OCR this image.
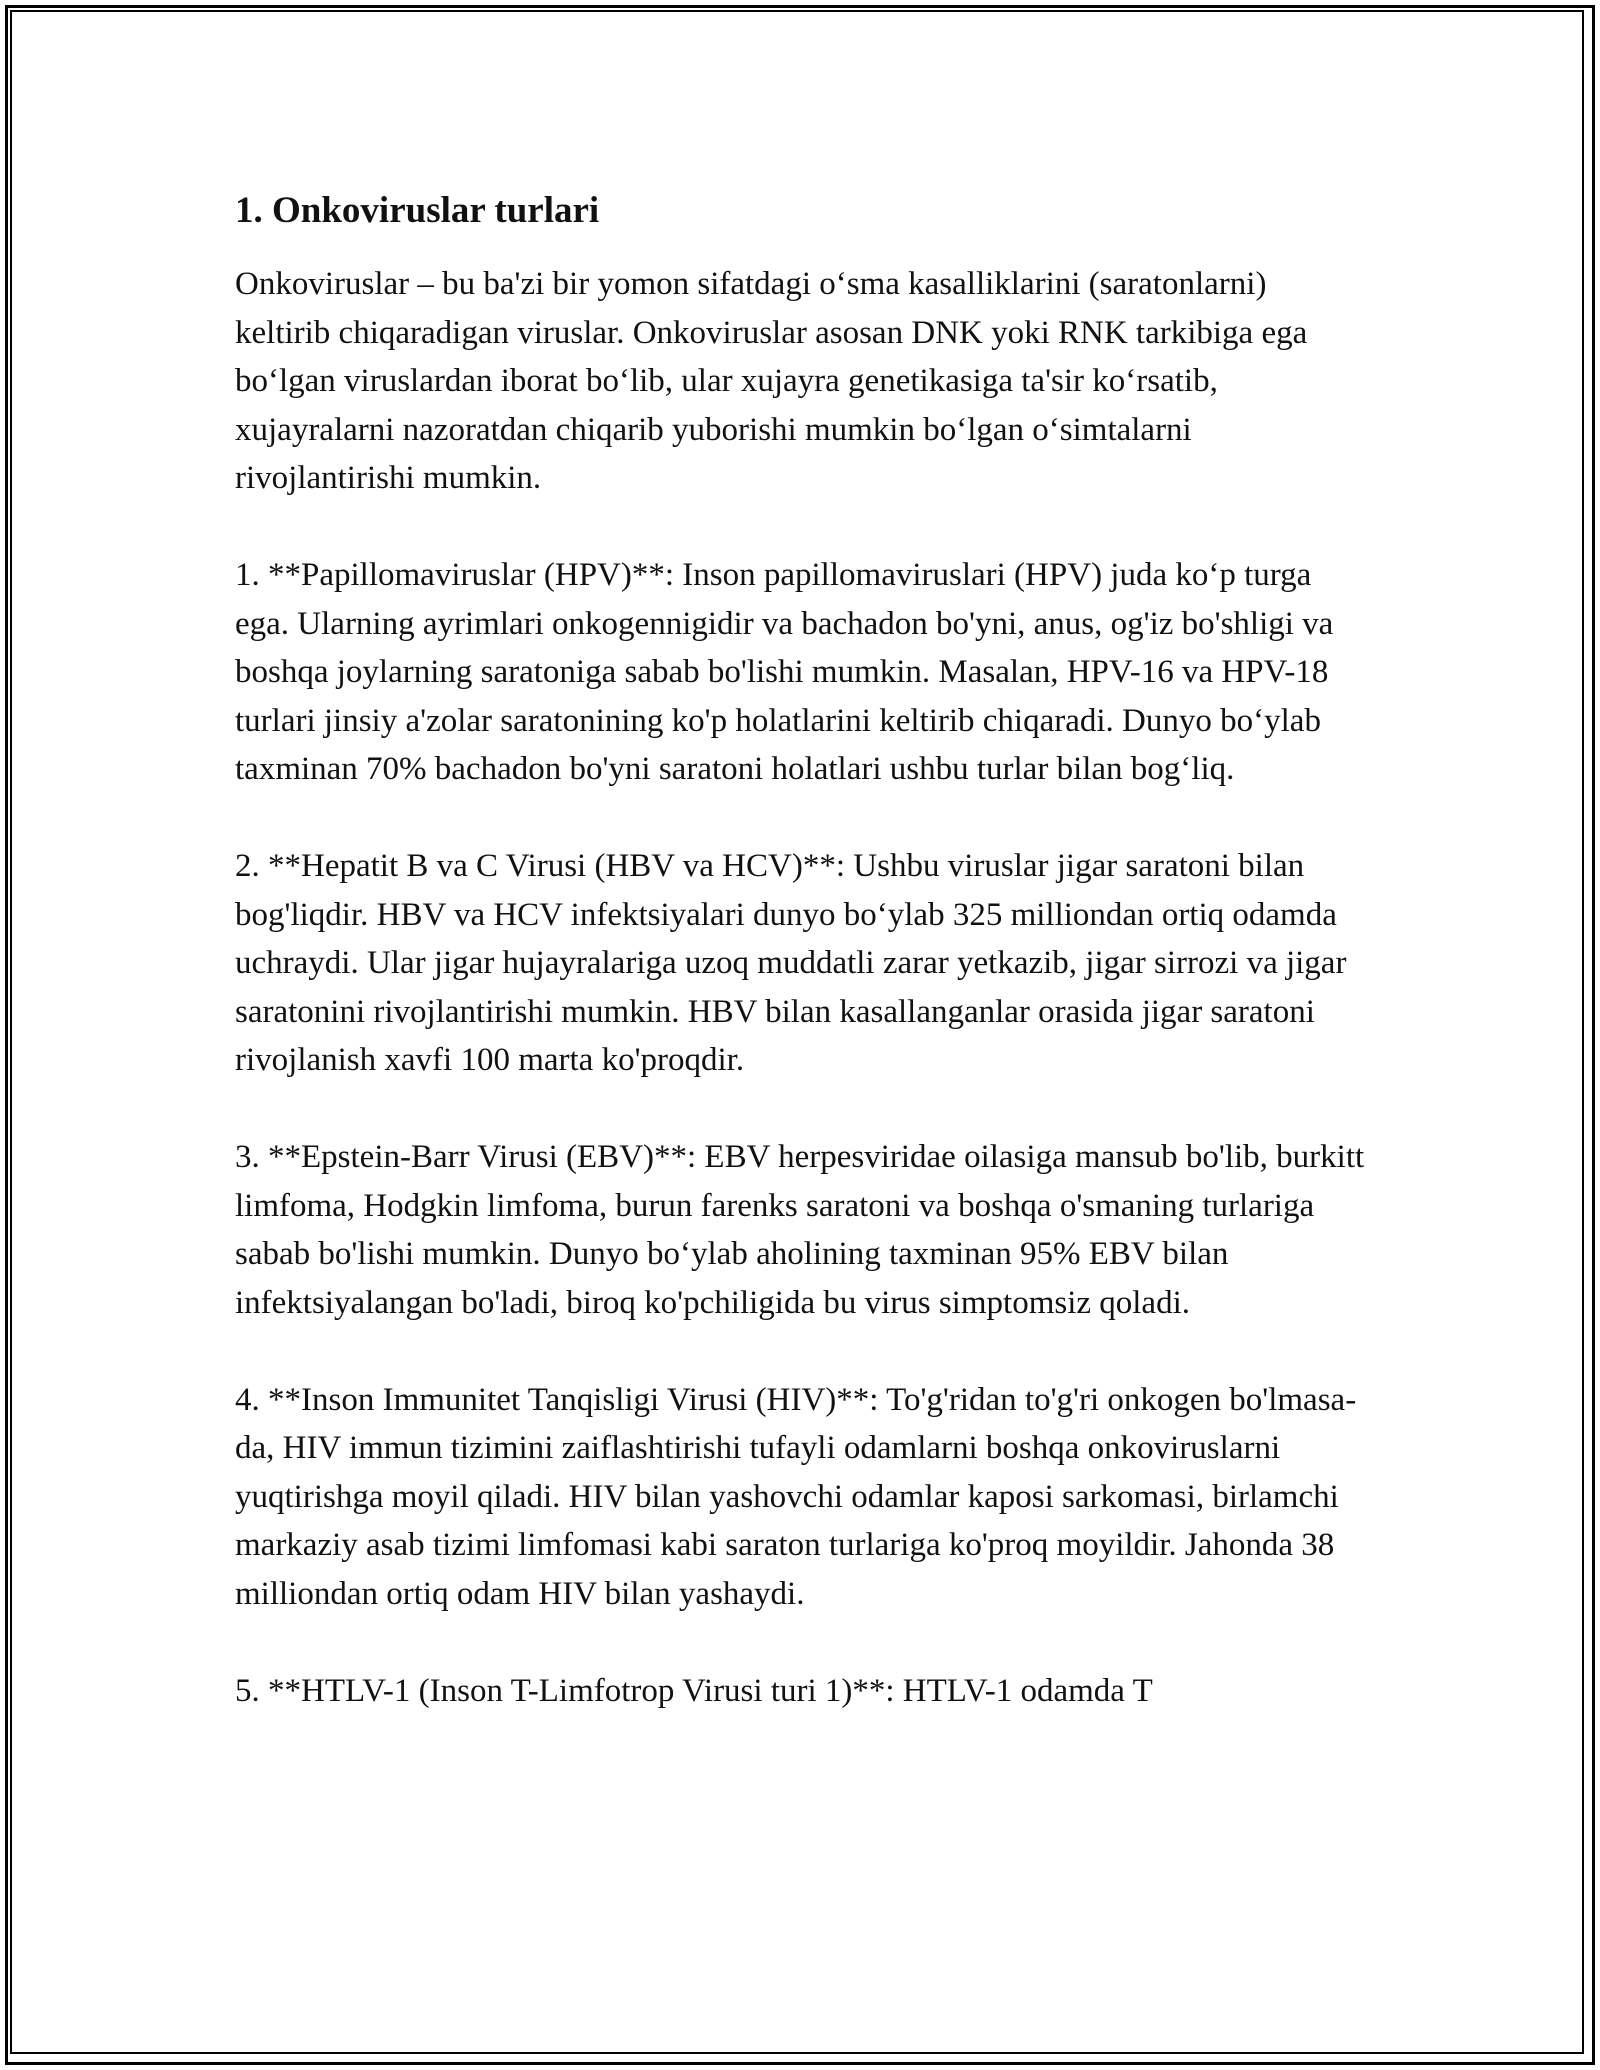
1. Onkoviruslar turlari

Onkoviruslar – bu ba'zi bir yomon sifatdagi o‘sma kasalliklarini (saratonlarni) keltirib chiqaradigan viruslar. Onkoviruslar asosan DNK yoki RNK tarkibiga ega bo‘lgan viruslardan iborat bo‘lib, ular xujayra genetikasiga ta'sir ko‘rsatib, xujayralarni nazoratdan chiqarib yuborishi mumkin bo‘lgan o‘simtalarni rivojlantirishi mumkin.

1. **Papillomaviruslar (HPV)**: Inson papillomaviruslari (HPV) juda ko‘p turga ega. Ularning ayrimlari onkogennigidir va bachadon bo'yni, anus, og'iz bo'shligi va boshqa joylarning saratoniga sabab bo'lishi mumkin. Masalan, HPV-16 va HPV-18 turlari jinsiy a'zolar saratonining ko'p holatlarini keltirib chiqaradi. Dunyo bo‘ylab taxminan 70% bachadon bo'yni saratoni holatlari ushbu turlar bilan bog‘liq.

2. **Hepatit B va C Virusi (HBV va HCV)**: Ushbu viruslar jigar saratoni bilan bog'liqdir. HBV va HCV infektsiyalari dunyo bo‘ylab 325 milliondan ortiq odamda uchraydi. Ular jigar hujayralariga uzoq muddatli zarar yetkazib, jigar sirrozi va jigar saratonini rivojlantirishi mumkin. HBV bilan kasallanganlar orasida jigar saratoni rivojlanish xavfi 100 marta ko'proqdir.

3. **Epstein-Barr Virusi (EBV)**: EBV herpesviridae oilasiga mansub bo'lib, burkitt limfoma, Hodgkin limfoma, burun farenks saratoni va boshqa o'smaning turlariga sabab bo'lishi mumkin. Dunyo bo‘ylab aholining taxminan 95% EBV bilan infektsiyalangan bo'ladi, biroq ko'pchiligida bu virus simptomsiz qoladi.

4. **Inson Immunitet Tanqisligi Virusi (HIV)**: To'g'ridan to'g'ri onkogen bo'lmasa-da, HIV immun tizimini zaiflashtirishi tufayli odamlarni boshqa onkoviruslarni yuqtirishga moyil qiladi. HIV bilan yashovchi odamlar kaposi sarkomasi, birlamchi markaziy asab tizimi limfomasi kabi saraton turlariga ko'proq moyildir. Jahonda 38 milliondan ortiq odam HIV bilan yashaydi.

5. **HTLV-1 (Inson T-Limfotrop Virusi turi 1)**: HTLV-1 odamda T
